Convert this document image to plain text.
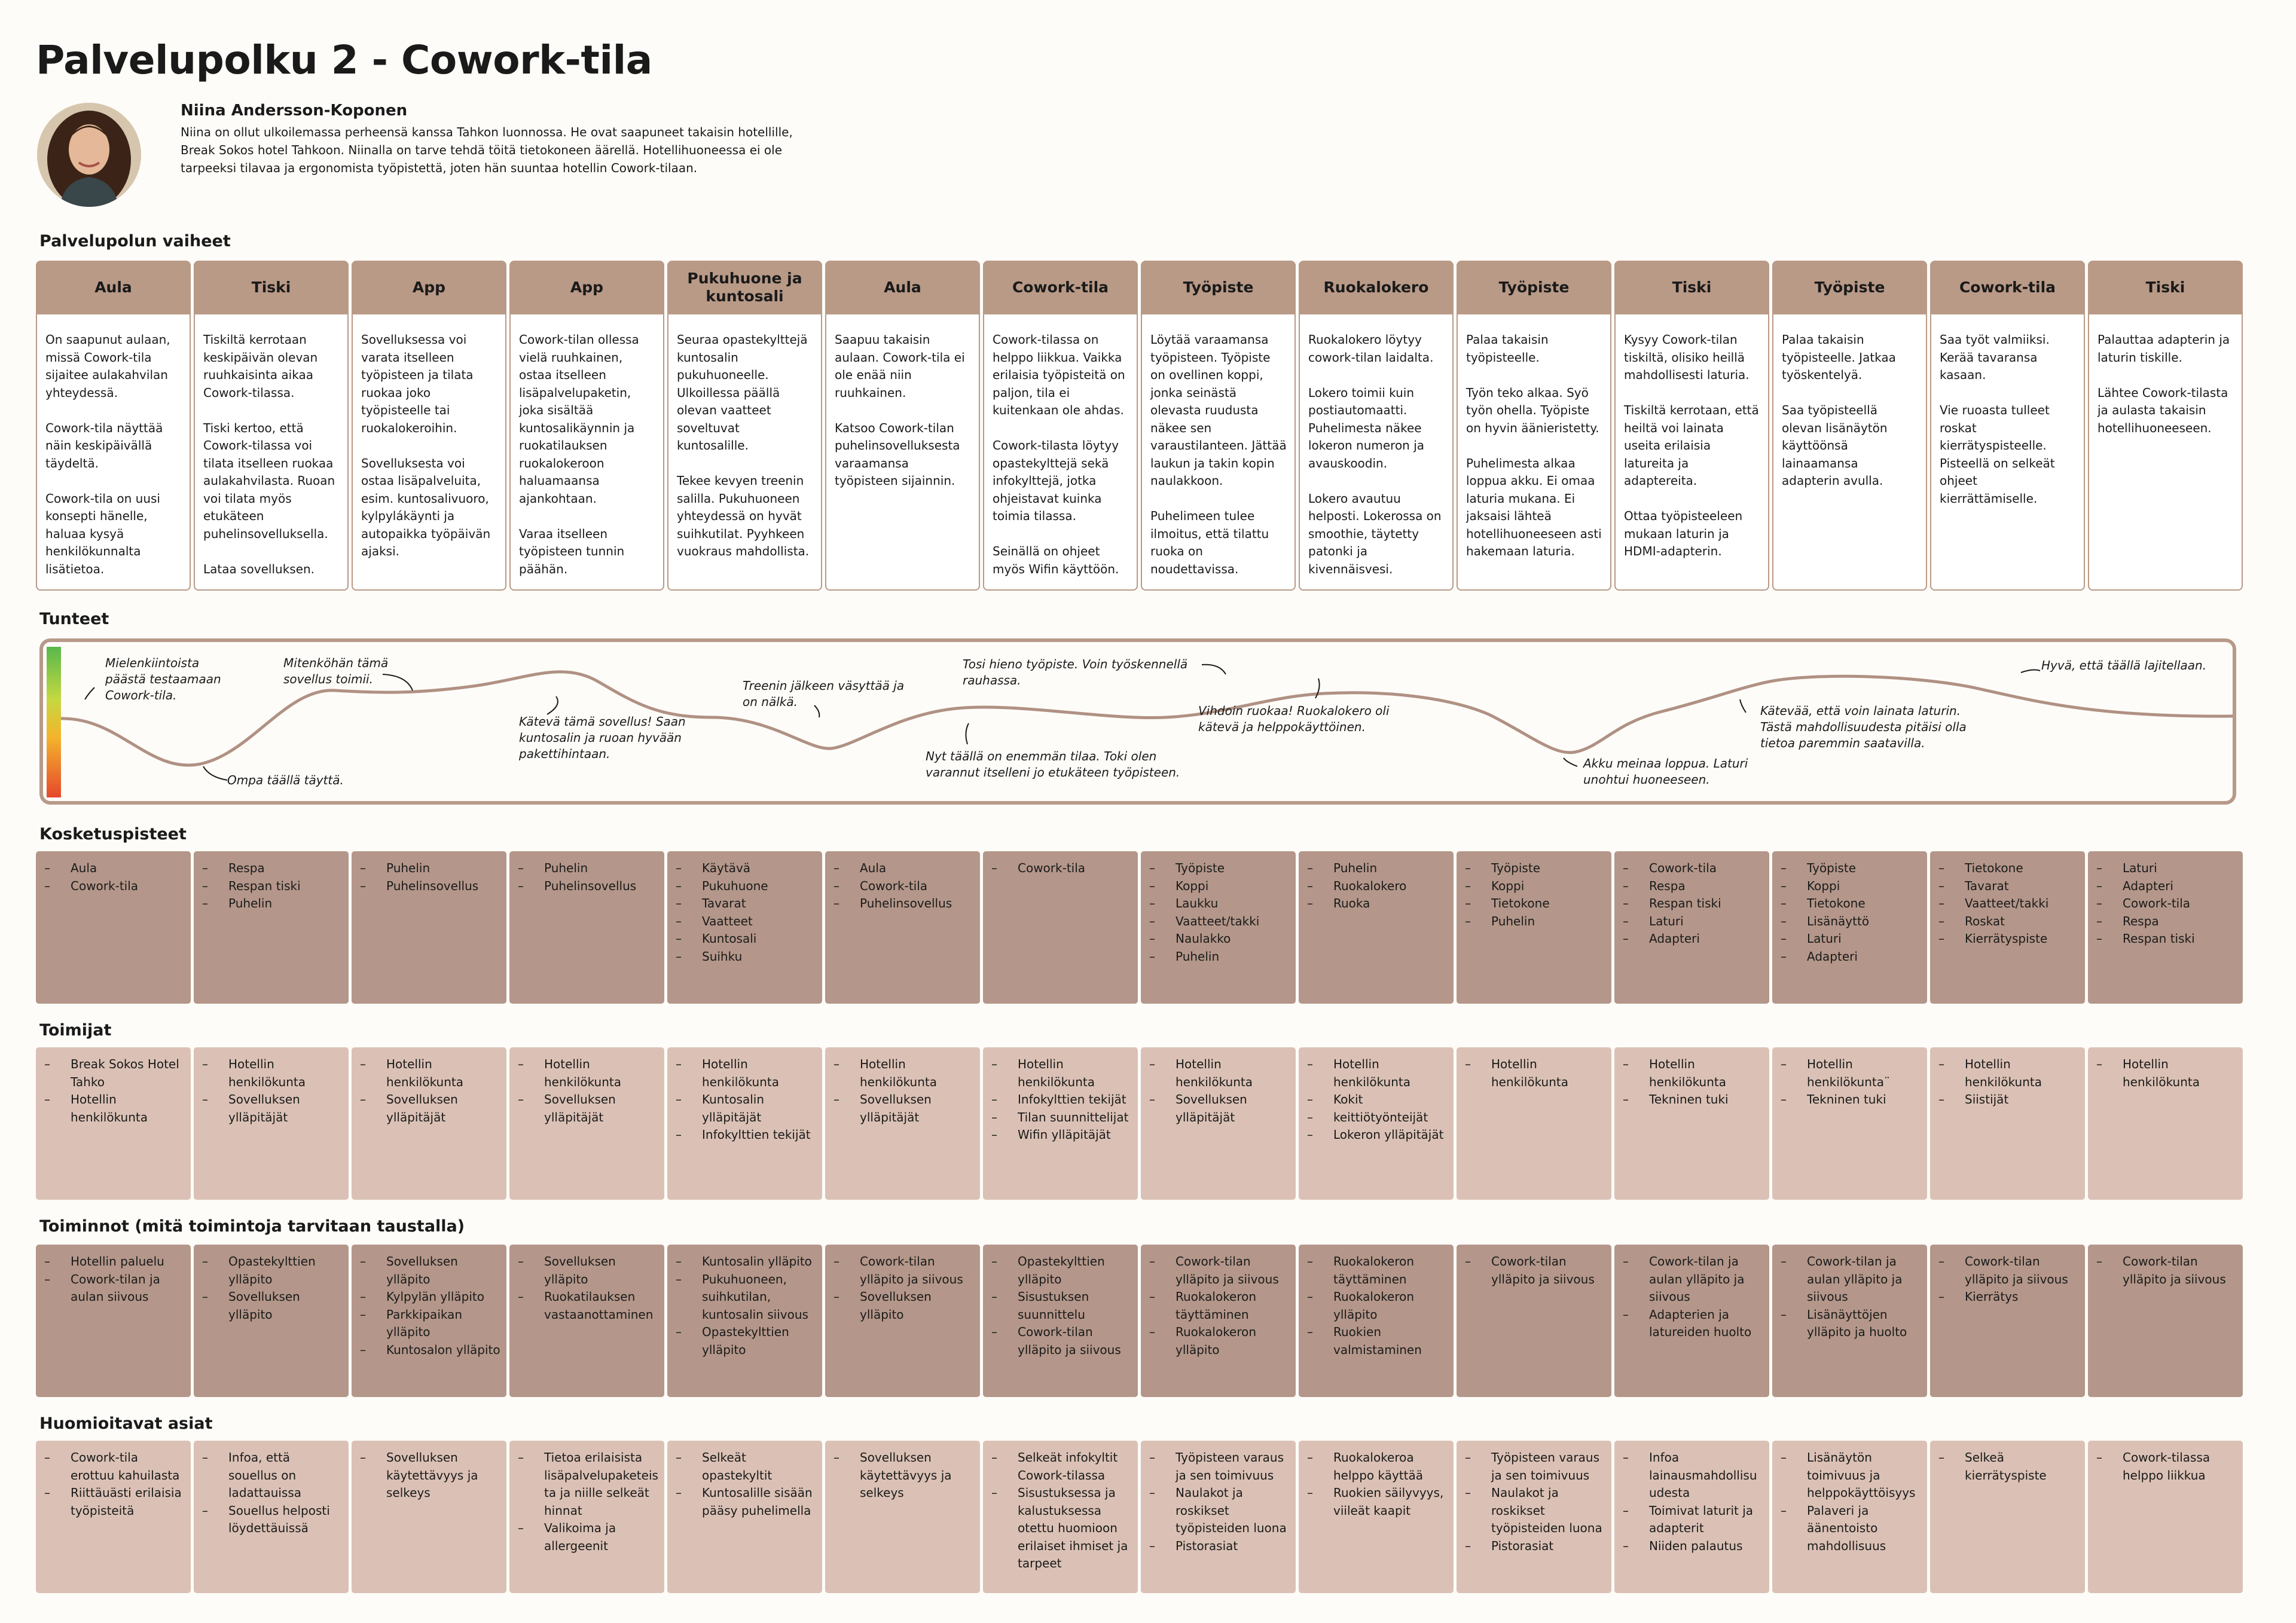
Palvelupolku 2 - Cowork-tila
Niina Andersson-Koponen
Niina on ollut ulkoilemassa perheensä kanssa Tahkon luonnossa. He ovat saapuneet takaisin hotellille, Break Sokos hotel Tahkoon. Niinalla on tarve tehdä töitä tietokoneen äärellä. Hotellihuoneessa ei ole tarpeeksi tilavaa ja ergonomista työpistettä, joten hän suuntaa hotellin Cowork-tilaan.
Palvelupolun vaiheet
Tunteet
Kosketuspisteet
Toimijat
Toiminnot (mitä toimintoja tarvitaan taustalla)
Huomioitavat asiat
Aula
On saapunut aulaan, missä Cowork-tila sijaitee aulakahvilan yhteydessä.

Cowork-tila näyttää näin keskipäivällä täydeltä.

Cowork-tila on uusi konsepti hänelle, haluaa kysyä henkilökunnalta lisätietoa.
Tiski
Tiskiltä kerrotaan keskipäivän olevan ruuhkaisinta aikaa Cowork-tilassa.

Tiski kertoo, että Cowork-tilassa voi tilata itselleen ruokaa aulakahvilasta. Ruoan voi tilata myös etukäteen puhelinsovelluksella.

Lataa sovelluksen.
App
Sovelluksessa voi varata itselleen työpisteen ja tilata ruokaa joko työpisteelle tai ruokalokeroihin.

Sovelluksesta voi ostaa lisäpalveluita, esim. kuntosalivuoro, kylpylákäynti ja autopaikka työpäivän ajaksi.
App
Cowork-tilan ollessa vielä ruuhkainen, ostaa itselleen lisäpalvelupaketin, joka sisältää kuntosalikäynnin ja ruokatilauksen ruokalokeroon haluamaansa ajankohtaan.

Varaa itselleen työpisteen tunnin päähän.
Pukuhuone ja kuntosali
Seuraa opastekylttejä kuntosalin pukuhuoneelle. Ulkoillessa päällä olevan vaatteet soveltuvat kuntosalille.

Tekee kevyen treenin salilla. Pukuhuoneen yhteydessä on hyvät suihkutilat. Pyyhkeen vuokraus mahdollista.
Aula
Saapuu takaisin aulaan. Cowork-tila ei ole enää niin ruuhkainen.

Katsoo Cowork-tilan puhelinsovelluksesta varaamansa työpisteen sijainnin.
Cowork-tila
Cowork-tilassa on helppo liikkua. Vaikka erilaisia työpisteitä on paljon, tila ei kuitenkaan ole ahdas.

Cowork-tilasta löytyy opastekylttejä sekä infokylttejä, jotka ohjeistavat kuinka toimia tilassa.

Seinällä on ohjeet myös Wifin käyttöön.
Työpiste
Löytää varaamansa työpisteen. Työpiste on ovellinen koppi, jonka seinästä olevasta ruudusta näkee sen varaustilanteen. Jättää laukun ja takin kopin naulakkoon.

Puhelimeen tulee ilmoitus, että tilattu ruoka on noudettavissa.
Ruokalokero
Ruokalokero löytyy cowork-tilan laidalta.

Lokero toimii kuin postiautomaatti. Puhelimesta näkee lokeron numeron ja avauskoodin.

Lokero avautuu helposti. Lokerossa on smoothie, täytetty patonki ja kivennäisvesi.
Työpiste
Palaa takaisin työpisteelle.

Työn teko alkaa. Syö työn ohella. Työpiste on hyvin äänieristetty.

Puhelimesta alkaa loppua akku. Ei omaa laturia mukana. Ei jaksaisi lähteä hotellihuoneeseen asti hakemaan laturia.
Tiski
Kysyy Cowork-tilan tiskiltä, olisiko heillä mahdollisesti laturia.

Tiskiltä kerrotaan, että heiltä voi lainata useita erilaisia latureita ja adaptereita.

Ottaa työpisteeleen mukaan laturin ja HDMI-adapterin.
Työpiste
Palaa takaisin työpisteelle. Jatkaa työskentelyä.

Saa työpisteellä olevan lisänäytön käyttöönsä lainaamansa adapterin avulla.
Cowork-tila
Saa työt valmiiksi. Kerää tavaransa kasaan.

Vie ruoasta tulleet roskat kierrätyspisteelle. Pisteellä on selkeät ohjeet kierrättämiselle.
Tiski
Palauttaa adapterin ja laturin tiskille.

Lähtee Cowork-tilasta ja aulasta takaisin hotellihuoneeseen.
Mielenkiintoista
päästä testaamaan
Cowork-tila.
Ompa täällä täyttä.
Mitenköhän tämä
sovellus toimii.
Kätevä tämä sovellus! Saan
kuntosalin ja ruoan hyvään
pakettihintaan.
Treenin jälkeen väsyttää ja
on nälkä.
Nyt täällä on enemmän tilaa. Toki olen
varannut itselleni jo etukäteen työpisteen.
Tosi hieno työpiste. Voin työskennellä
rauhassa.
Vihdoin ruokaa! Ruokalokero oli
kätevä ja helppokäyttöinen.
Akku meinaa loppua. Laturi
unohtui huoneeseen.
Kätevää, että voin lainata laturin.
Tästä mahdollisuudesta pitäisi olla
tietoa paremmin saatavilla.
Hyvä, että täällä lajitellaan.
– Aula
– Cowork-tila
– Respa
– Respan tiski
– Puhelin
– Puhelin
– Puhelinsovellus
– Puhelin
– Puhelinsovellus
– Käytävä
– Pukuhuone
– Tavarat
– Vaatteet
– Kuntosali
– Suihku
– Aula
– Cowork-tila
– Puhelinsovellus
– Cowork-tila
–	Työpiste
– Koppi
– Laukku
– Vaatteet/takki
– Naulakko
– Puhelin
– Puhelin
– Ruokalokero
– Ruoka
– Työpiste
– Koppi
– Tietokone
– Puhelin
– Cowork-tila
– Respa
– Respan tiski
– Laturi
– Adapteri
– Työpiste
– Koppi
– Tietokone
– Lisänäyttö
– Laturi
– Adapteri
– Tietokone
– Tavarat
– Vaatteet/takki
– Roskat
– Kierrätyspiste
– Laturi
– Adapteri
– Cowork-tila
– Respa
– Respan tiski
– Break Sokos Hotel Tahko
– Hotellin henkilökunta
– Hotellin henkilökunta
– Sovelluksen ylläpitäjät
– Hotellin henkilökunta
– Sovelluksen ylläpitäjät
– Hotellin henkilökunta
– Sovelluksen ylläpitäjät
– Hotellin henkilökunta
– Kuntosalin ylläpitäjät
– Infokylttien tekijät
– Hotellin henkilökunta
– Sovelluksen ylläpitäjät
– Hotellin henkilökunta
– Infokylttien tekijät
– Tilan suunnittelijat
– Wifin ylläpitäjät
– Hotellin henkilökunta
– Sovelluksen ylläpitäjät
– Hotellin henkilökunta
– Kokit
– keittiötyönteijät
– Lokeron ylläpitäjät
– Hotellin henkilökunta
– Hotellin henkilökunta
– Tekninen tuki
– Hotellin henkilökunta¨
– Tekninen tuki
– Hotellin henkilökunta
– Siistijät
– Hotellin henkilökunta
– Hotellin paluelu
– Cowork-tilan ja aulan siivous
– Opastekylttien ylläpito
– Sovelluksen ylläpito
– Sovelluksen ylläpito
– Kylpylän ylläpito
– Parkkipaikan ylläpito
– Kuntosalon ylläpito
– Sovelluksen ylläpito
– Ruokatilauksen vastaanottaminen
– Kuntosalin ylläpito
– Pukuhuoneen, suihkutilan, kuntosalin siivous
– Opastekylttien ylläpito
– Cowork-tilan ylläpito ja siivous
– Sovelluksen ylläpito
– Opastekylttien ylläpito
– Sisustuksen suunnittelu
– Cowork-tilan ylläpito ja siivous
– Cowork-tilan ylläpito ja siivous
– Ruokalokeron täyttäminen
– Ruokalokeron ylläpito
– Ruokalokeron täyttäminen
– Ruokalokeron ylläpito
– Ruokien valmistaminen
– Cowork-tilan ylläpito ja siivous
– Cowork-tilan ja aulan ylläpito ja siivous
– Adapterien ja latureiden huolto
– Cowork-tilan ja aulan ylläpito ja siivous
– Lisänäyttöjen ylläpito ja huolto
– Cowork-tilan ylläpito ja siivous
– Kierrätys
– Cowork-tilan ylläpito ja siivous
– Cowork-tila erottuu kahuilasta
– Riittäuästi erilaisia työpisteitä
– Infoa, että souellus on ladattauissa
– Souellus helposti löydettäuissä
– Sovelluksen käytettävyys ja selkeys
– Tietoa erilaisista lisäpalvelupaketeis ta ja niille selkeät hinnat
– Valikoima ja allergeenit
– Selkeät opastekyltit
– Kuntosalille sisään pääsy puhelimella
– Sovelluksen käytettävyys ja selkeys
– Selkeät infokyltit Cowork-tilassa
– Sisustuksessa ja kalustuksessa otettu huomioon erilaiset ihmiset ja tarpeet
– Työpisteen varaus ja sen toimivuus
– Naulakot ja roskikset työpisteiden luona
– Pistorasiat
– Ruokalokeroa helppo käyttää
– Ruokien säilyvyys, viileät kaapit
– Työpisteen varaus ja sen toimivuus
– Naulakot ja roskikset työpisteiden luona
– Pistorasiat
– Infoa lainausmahdollisu udesta
– Toimivat laturit ja adapterit
– Niiden palautus
– Lisänäytön toimivuus ja helppokäyttöisyys
– Palaveri ja äänentoisto mahdollisuus
– Selkeä kierrätyspiste
– Cowork-tilassa helppo liikkua
